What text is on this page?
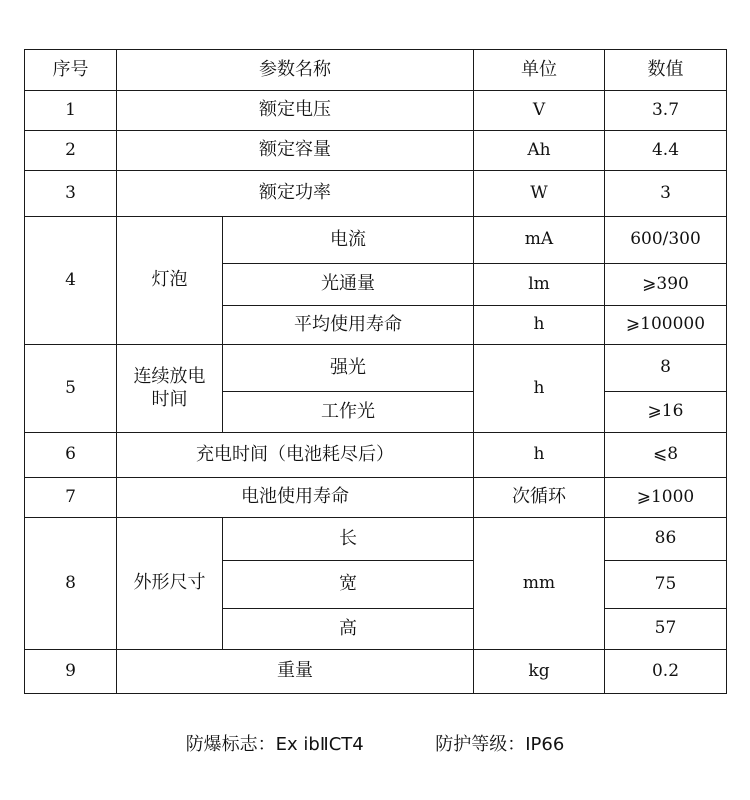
序号	参数名称		单位	数值
1	额定电压		V	3.7
2	额定容量		Ah	4.4
3	额定功率		W	3
4	灯泡	电流	mA	600/300
		光通量	lm	⩾390
		平均使用寿命	h	⩾100000
5	连续放电
时间	强光	h	8
		工作光		⩾16
6	充电时间（电池耗尽后）		h	⩽8
7	电池使用寿命		次循环	⩾1000
8	外形尺寸	长	mm	86
		宽		75
		高		57
9	重量		kg	0.2
防爆标志：Ex ibⅡCT4	防护等级：IP66
